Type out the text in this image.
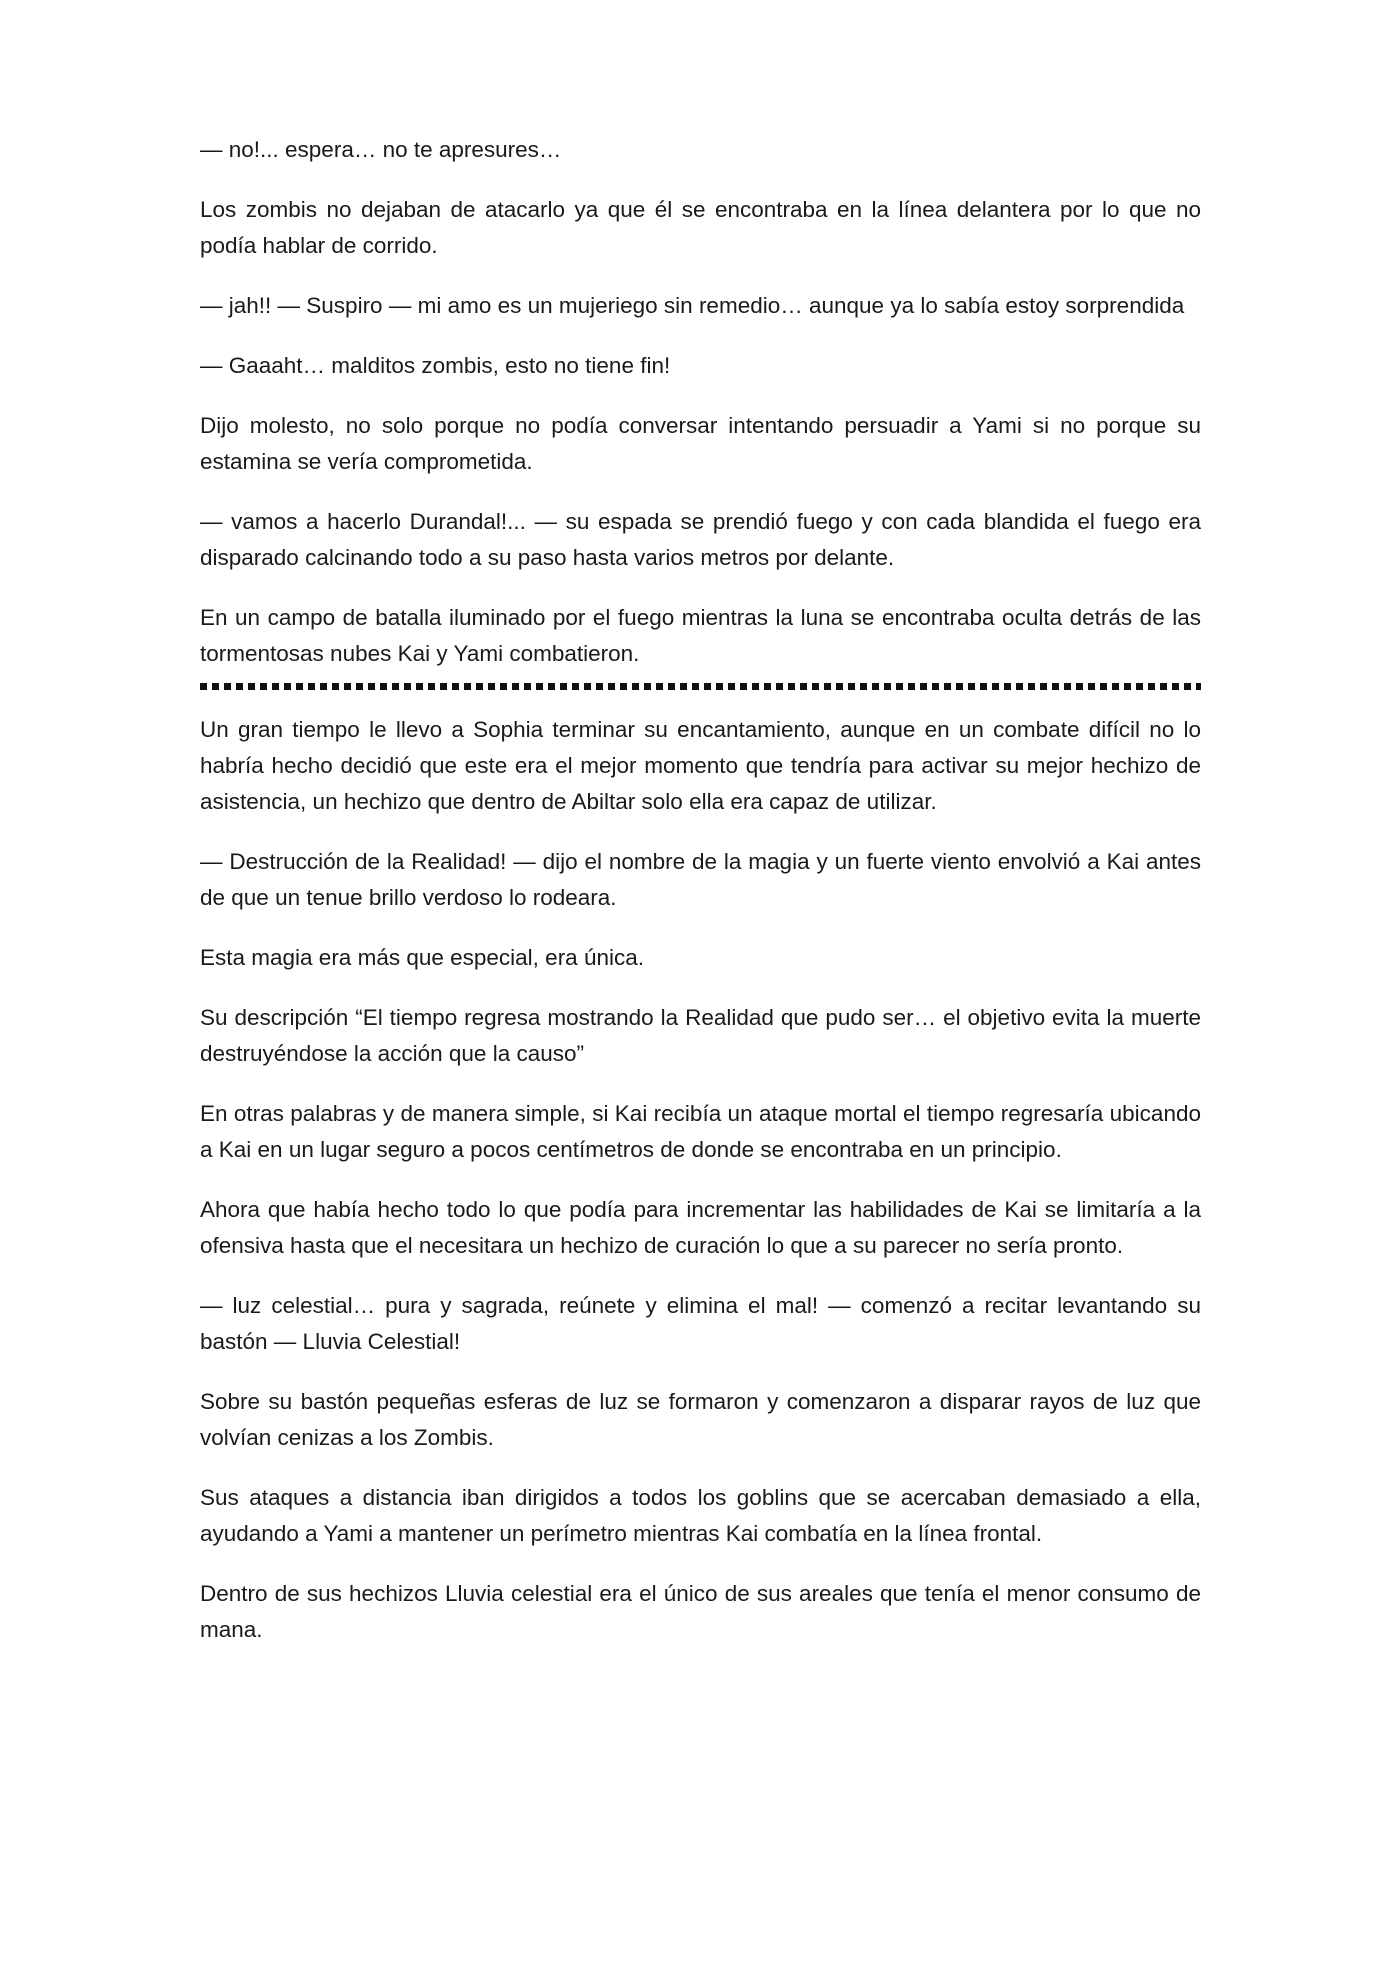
— no!... espera… no te apresures…

Los zombis no dejaban de atacarlo ya que él se encontraba en la línea delantera por lo que no podía hablar de corrido.

— jah!! — Suspiro — mi amo es un mujeriego sin remedio… aunque ya lo sabía estoy sorprendida

— Gaaaht… malditos zombis, esto no tiene fin!

Dijo molesto, no solo porque no podía conversar intentando persuadir a Yami si no porque su estamina se vería comprometida.

— vamos a hacerlo Durandal!... — su espada se prendió fuego y con cada blandida el fuego era disparado calcinando todo a su paso hasta varios metros por delante.

En un campo de batalla iluminado por el fuego mientras la luna se encontraba oculta detrás de las tormentosas nubes Kai y Yami combatieron.

Un gran tiempo le llevo a Sophia terminar su encantamiento, aunque en un combate difícil no lo habría hecho decidió que este era el mejor momento que tendría para activar su mejor hechizo de asistencia, un hechizo que dentro de Abiltar solo ella era capaz de utilizar.

— Destrucción de la Realidad! — dijo el nombre de la magia y un fuerte viento envolvió a Kai antes de que un tenue brillo verdoso lo rodeara.

Esta magia era más que especial, era única.

Su descripción “El tiempo regresa mostrando la Realidad que pudo ser… el objetivo evita la muerte destruyéndose la acción que la causo”

En otras palabras y de manera simple, si Kai recibía un ataque mortal el tiempo regresaría ubicando a Kai en un lugar seguro a pocos centímetros de donde se encontraba en un principio.

Ahora que había hecho todo lo que podía para incrementar las habilidades de Kai se limitaría a la ofensiva hasta que el necesitara un hechizo de curación lo que a su parecer no sería pronto.

— luz celestial… pura y sagrada, reúnete y elimina el mal! — comenzó a recitar levantando su bastón — Lluvia Celestial!

Sobre su bastón pequeñas esferas de luz se formaron y comenzaron a disparar rayos de luz que volvían cenizas a los Zombis.

Sus ataques a distancia iban dirigidos a todos los goblins que se acercaban demasiado a ella, ayudando a Yami a mantener un perímetro mientras Kai combatía en la línea frontal.

Dentro de sus hechizos Lluvia celestial era el único de sus areales que tenía el menor consumo de mana.
